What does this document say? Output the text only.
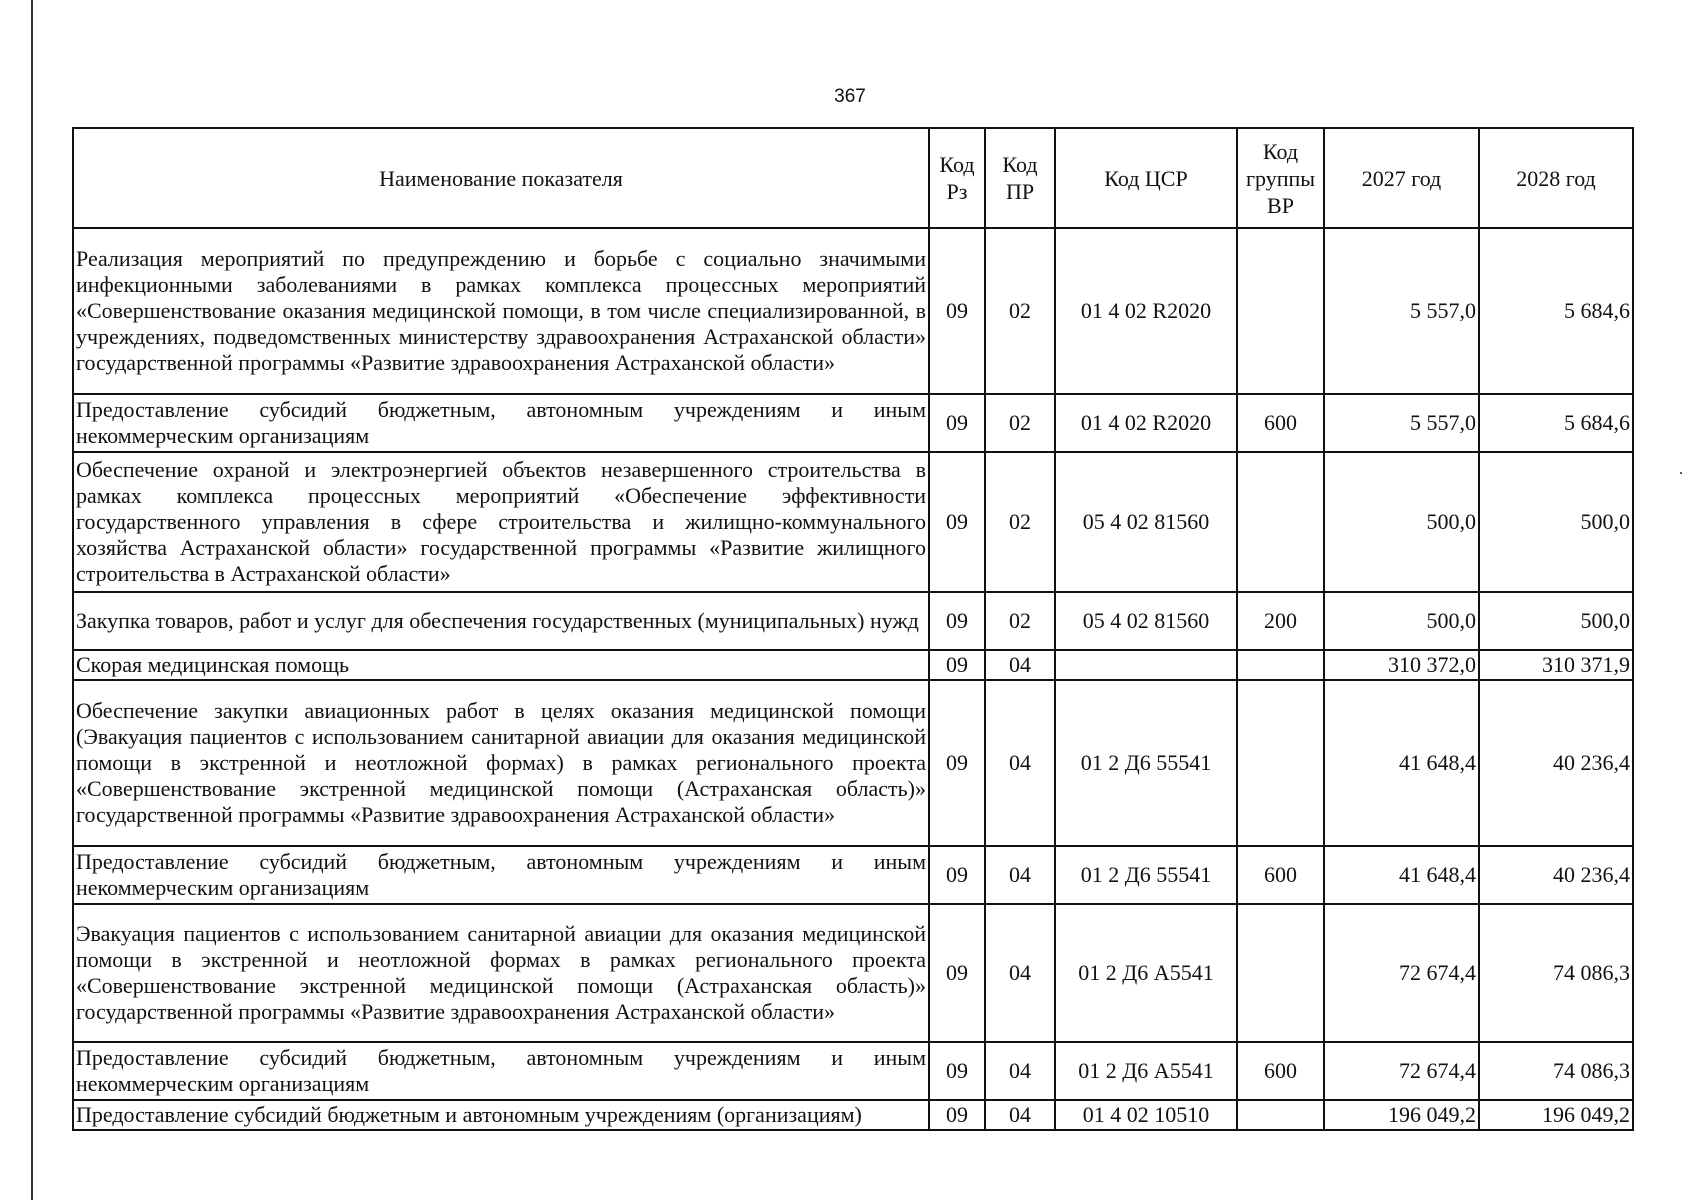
367
Наименование показателя	Код Рз	Код ПР	Код ЦСР	Код группы ВР	2027 год	2028 год
Реализация мероприятий по предупреждению и борьбе с социально значимыми инфекционными заболеваниями в рамках комплекса процессных мероприятий «Совершенствование оказания медицинской помощи, в том числе специализированной, в учреждениях, подведомственных министерству здравоохранения Астраханской области» государственной программы «Развитие здравоохранения Астраханской области»	09	02	01 4 02 R2020		5 557,0	5 684,6
Предоставление субсидий бюджетным, автономным учреждениям и иным некоммерческим организациям	09	02	01 4 02 R2020	600	5 557,0	5 684,6
Обеспечение охраной и электроэнергией объектов незавершенного строительства в рамках комплекса процессных мероприятий «Обеспечение эффективности государственного управления в сфере строительства и жилищно-коммунального хозяйства Астраханской области» государственной программы «Развитие жилищного строительства в Астраханской области»	09	02	05 4 02 81560		500,0	500,0
Закупка товаров, работ и услуг для обеспечения государственных (муниципальных) нужд	09	02	05 4 02 81560	200	500,0	500,0
Скорая медицинская помощь	09	04			310 372,0	310 371,9
Обеспечение закупки авиационных работ в целях оказания медицинской помощи (Эвакуация пациентов с использованием санитарной авиации для оказания медицинской помощи в экстренной и неотложной формах) в рамках регионального проекта «Совершенствование экстренной медицинской помощи (Астраханская область)» государственной программы «Развитие здравоохранения Астраханской области»	09	04	01 2 Д6 55541		41 648,4	40 236,4
Предоставление субсидий бюджетным, автономным учреждениям и иным некоммерческим организациям	09	04	01 2 Д6 55541	600	41 648,4	40 236,4
Эвакуация пациентов с использованием санитарной авиации для оказания медицинской помощи в экстренной и неотложной формах в рамках регионального проекта «Совершенствование экстренной медицинской помощи (Астраханская область)» государственной программы «Развитие здравоохранения Астраханской области»	09	04	01 2 Д6 А5541		72 674,4	74 086,3
Предоставление субсидий бюджетным, автономным учреждениям и иным некоммерческим организациям	09	04	01 2 Д6 А5541	600	72 674,4	74 086,3
Предоставление субсидий бюджетным и автономным учреждениям (организациям)	09	04	01 4 02 10510		196 049,2	196 049,2
